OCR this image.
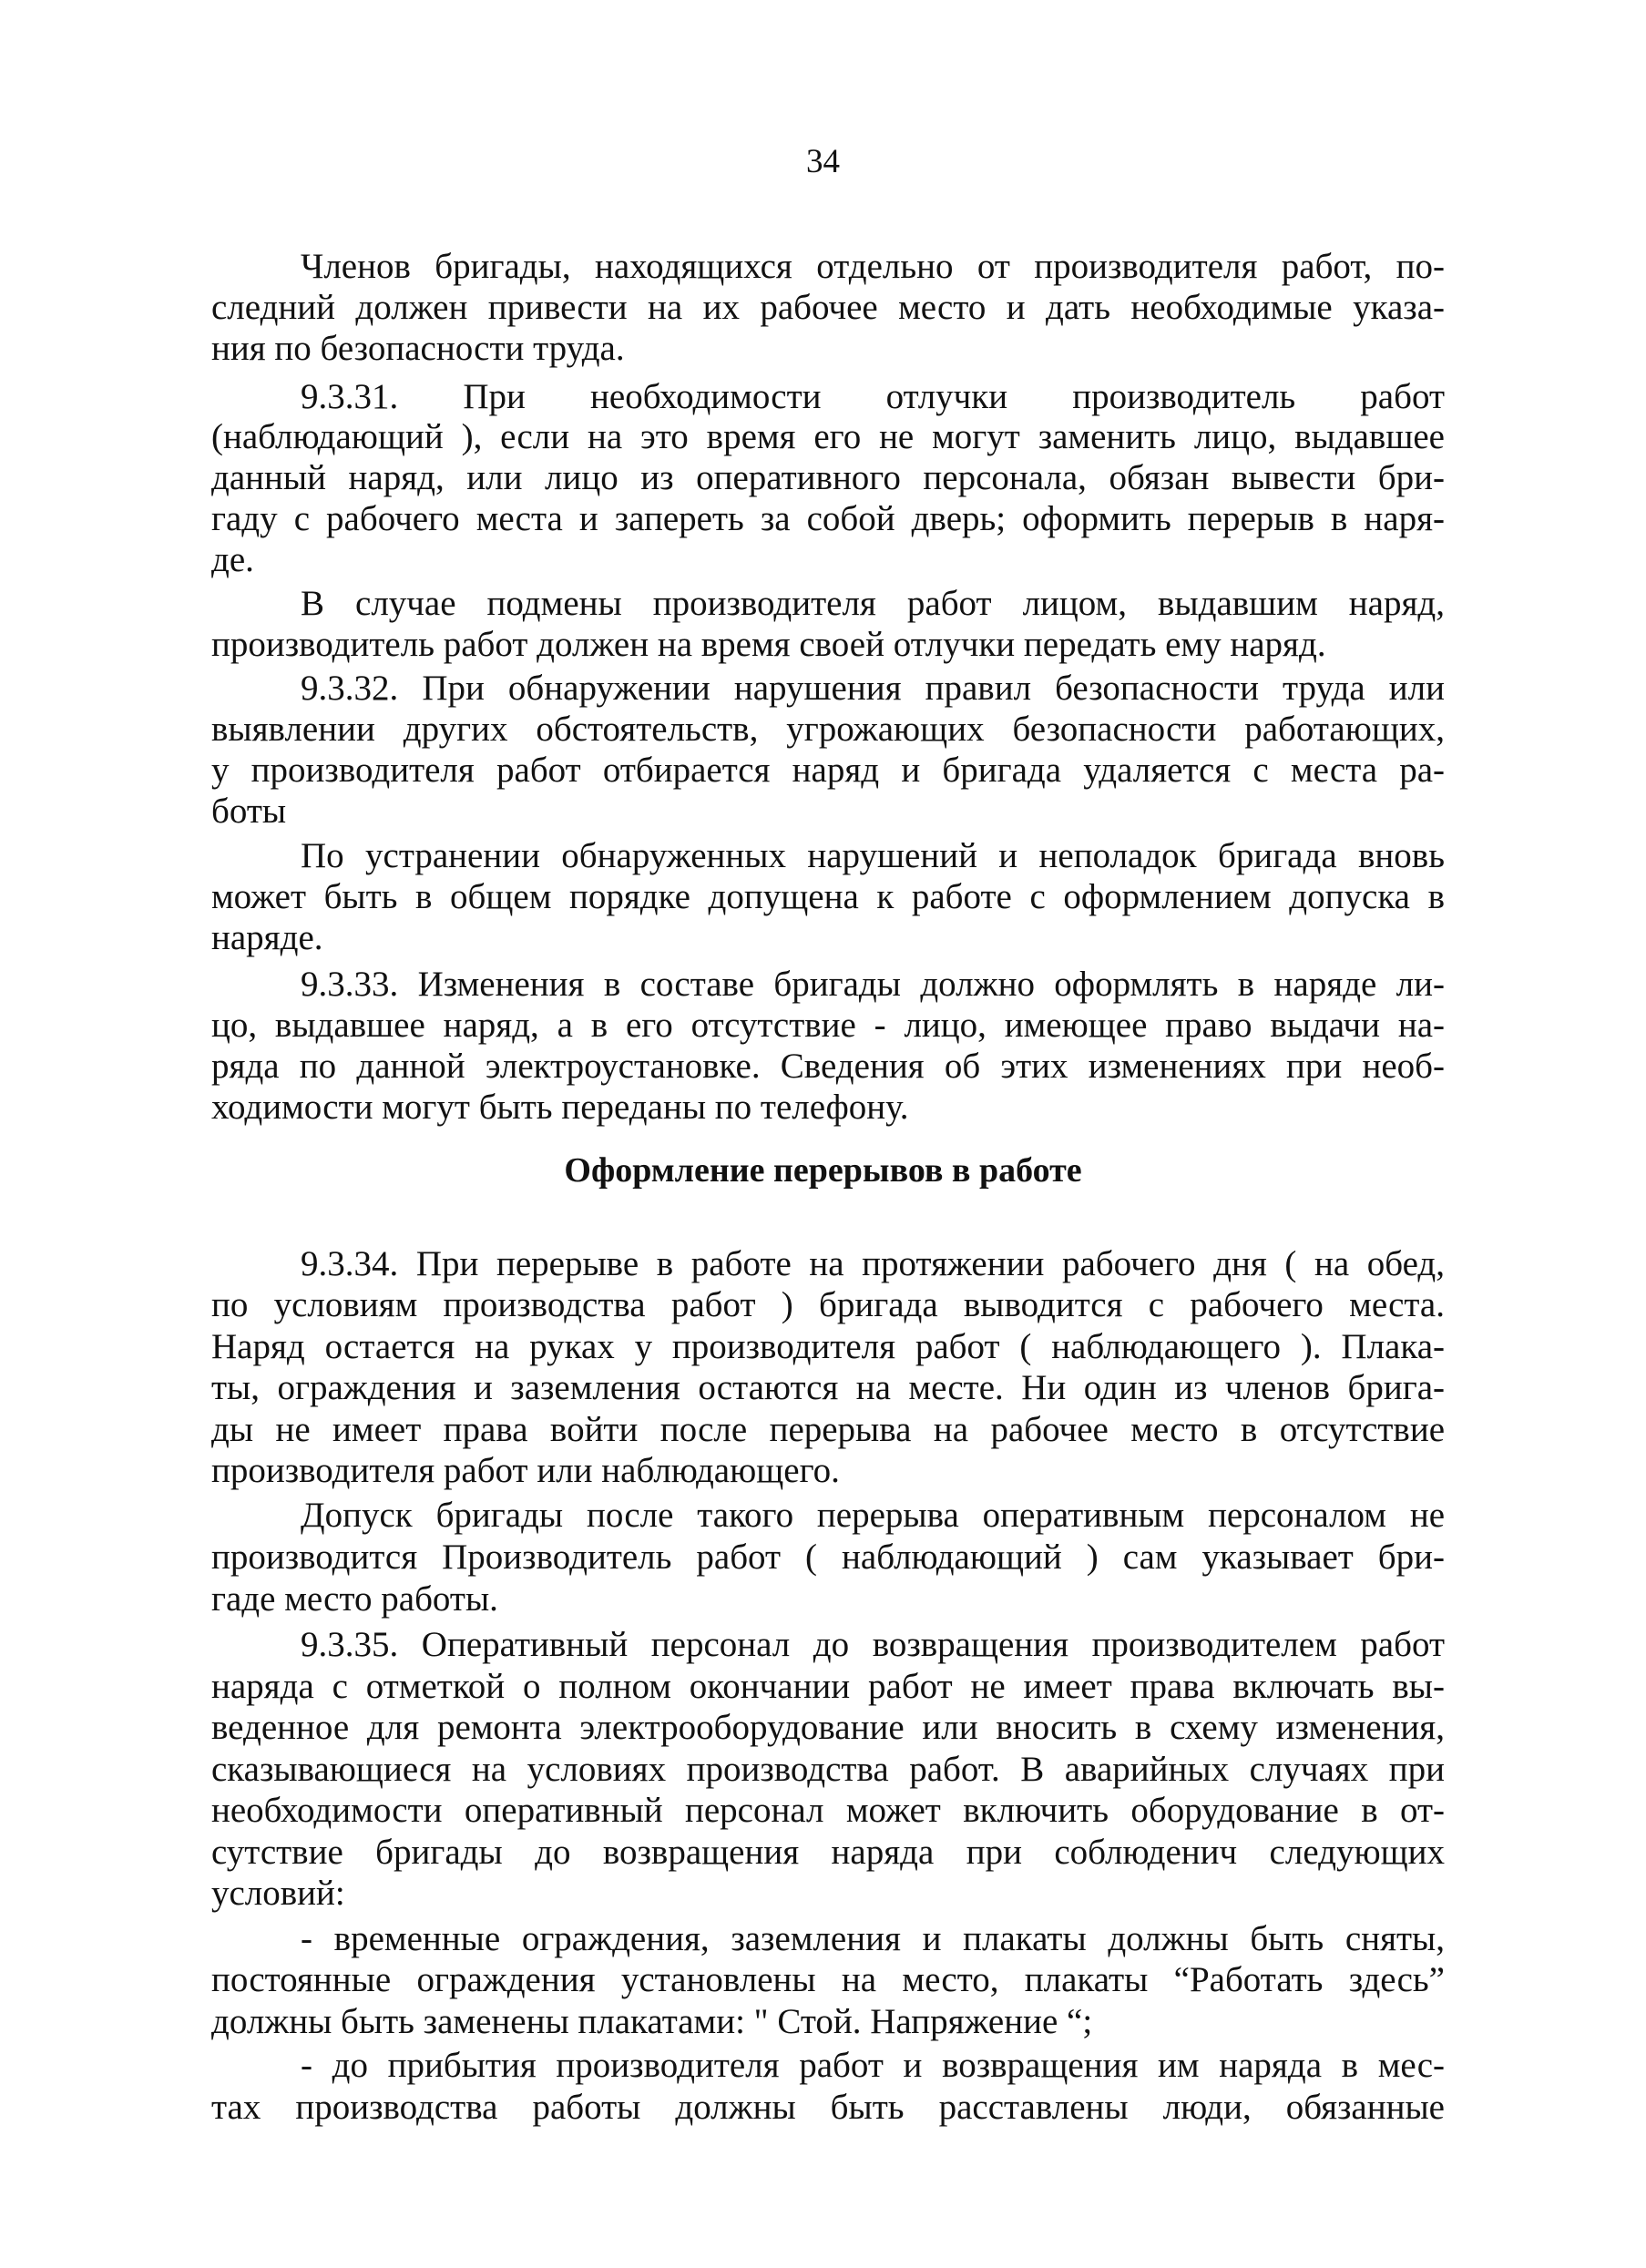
34
Членов бригады, находящихся отдельно от производителя работ, по-
следний должен привести на их рабочее место и дать необходимые указа-
ния по безопасности труда.
9.3.31. При необходимости отлучки производитель работ
(наблюдающий ), если на это время его не могут заменить лицо, выдавшее
данный наряд, или лицо из оперативного персонала, обязан вывести бри-
гаду с рабочего места и запереть за собой дверь; оформить перерыв в наря-
де.
В случае подмены производителя работ лицом, выдавшим наряд,
производитель работ должен на время своей отлучки передать ему наряд.
9.3.32. При обнаружении нарушения правил безопасности труда или
выявлении других обстоятельств, угрожающих безопасности работающих,
у производителя работ отбирается наряд и бригада удаляется с места ра-
боты
По устранении обнаруженных нарушений и неполадок бригада вновь
может быть в общем порядке допущена к работе с оформлением допуска в
наряде.
9.3.33. Изменения в составе бригады должно оформлять в наряде ли-
цо, выдавшее наряд, а в его отсутствие - лицо, имеющее право выдачи на-
ряда по данной электроустановке. Сведения об этих изменениях при необ-
ходимости могут быть переданы по телефону.
Оформление перерывов в работе
9.3.34. При перерыве в работе на протяжении рабочего дня ( на обед,
по условиям производства работ ) бригада выводится с рабочего места.
Наряд остается на руках у производителя работ ( наблюдающего ). Плака-
ты, ограждения и заземления остаются на месте. Ни один из членов брига-
ды не имеет права войти после перерыва на рабочее место в отсутствие
производителя работ или наблюдающего.
Допуск бригады после такого перерыва оперативным персоналом не
производится Производитель работ ( наблюдающий ) сам указывает бри-
гаде место работы.
9.3.35. Оперативный персонал до возвращения производителем работ
наряда с отметкой о полном окончании работ не имеет права включать вы-
веденное для ремонта электрооборудование или вносить в схему изменения,
сказывающиеся на условиях производства работ. В аварийных случаях при
необходимости оперативный персонал может включить оборудование в от-
сутствие бригады до возвращения наряда при соблюденич следующих
условий:
- временные ограждения, заземления и плакаты должны быть сняты,
постоянные ограждения установлены на место, плакаты “Работать здесь”
должны быть заменены плакатами: " Стой. Напряжение “;
- до прибытия производителя работ и возвращения им наряда в мес-
тах производства работы должны быть расставлены люди, обязанные
